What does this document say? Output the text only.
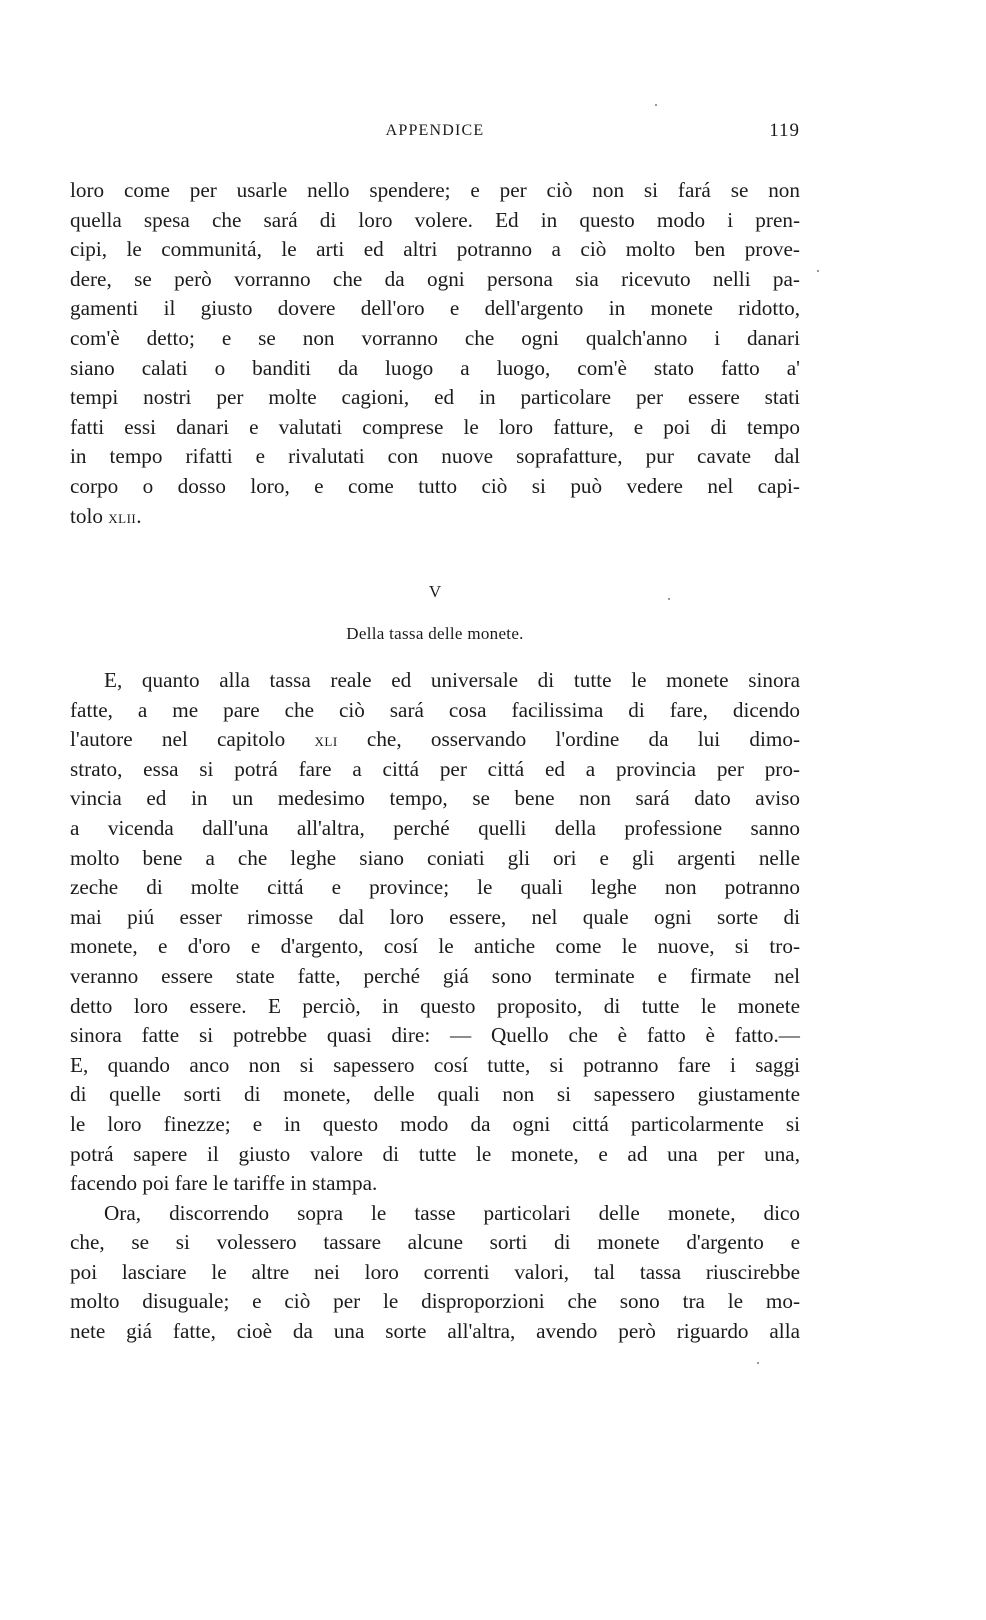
APPENDICE	119
loro come per usarle nello spendere; e per ciò non si fará se non
quella spesa che sará di loro volere. Ed in questo modo i pren-
cipi, le communitá, le arti ed altri potranno a ciò molto ben prove-
dere, se però vorranno che da ogni persona sia ricevuto nelli pa-
gamenti il giusto dovere dell'oro e dell'argento in monete ridotto,
com'è detto; e se non vorranno che ogni qualch'anno i danari
siano calati o banditi da luogo a luogo, com'è stato fatto a'
tempi nostri per molte cagioni, ed in particolare per essere stati
fatti essi danari e valutati comprese le loro fatture, e poi di tempo
in tempo rifatti e rivalutati con nuove soprafatture, pur cavate dal
corpo o dosso loro, e come tutto ciò si può vedere nel capi-
tolo xlii.
V
Della tassa delle monete.
E, quanto alla tassa reale ed universale di tutte le monete sinora
fatte, a me pare che ciò sará cosa facilissima di fare, dicendo
l'autore nel capitolo xli che, osservando l'ordine da lui dimo-
strato, essa si potrá fare a cittá per cittá ed a provincia per pro-
vincia ed in un medesimo tempo, se bene non sará dato aviso
a vicenda dall'una all'altra, perché quelli della professione sanno
molto bene a che leghe siano coniati gli ori e gli argenti nelle
zeche di molte cittá e province; le quali leghe non potranno
mai piú esser rimosse dal loro essere, nel quale ogni sorte di
monete, e d'oro e d'argento, cosí le antiche come le nuove, si tro-
veranno essere state fatte, perché giá sono terminate e firmate nel
detto loro essere. E perciò, in questo proposito, di tutte le monete
sinora fatte si potrebbe quasi dire: — Quello che è fatto è fatto.—
E, quando anco non si sapessero cosí tutte, si potranno fare i saggi
di quelle sorti di monete, delle quali non si sapessero giustamente
le loro finezze; e in questo modo da ogni cittá particolarmente si
potrá sapere il giusto valore di tutte le monete, e ad una per una,
facendo poi fare le tariffe in stampa.
Ora, discorrendo sopra le tasse particolari delle monete, dico
che, se si volessero tassare alcune sorti di monete d'argento e
poi lasciare le altre nei loro correnti valori, tal tassa riuscirebbe
molto disuguale; e ciò per le disproporzioni che sono tra le mo-
nete giá fatte, cioè da una sorte all'altra, avendo però riguardo alla
